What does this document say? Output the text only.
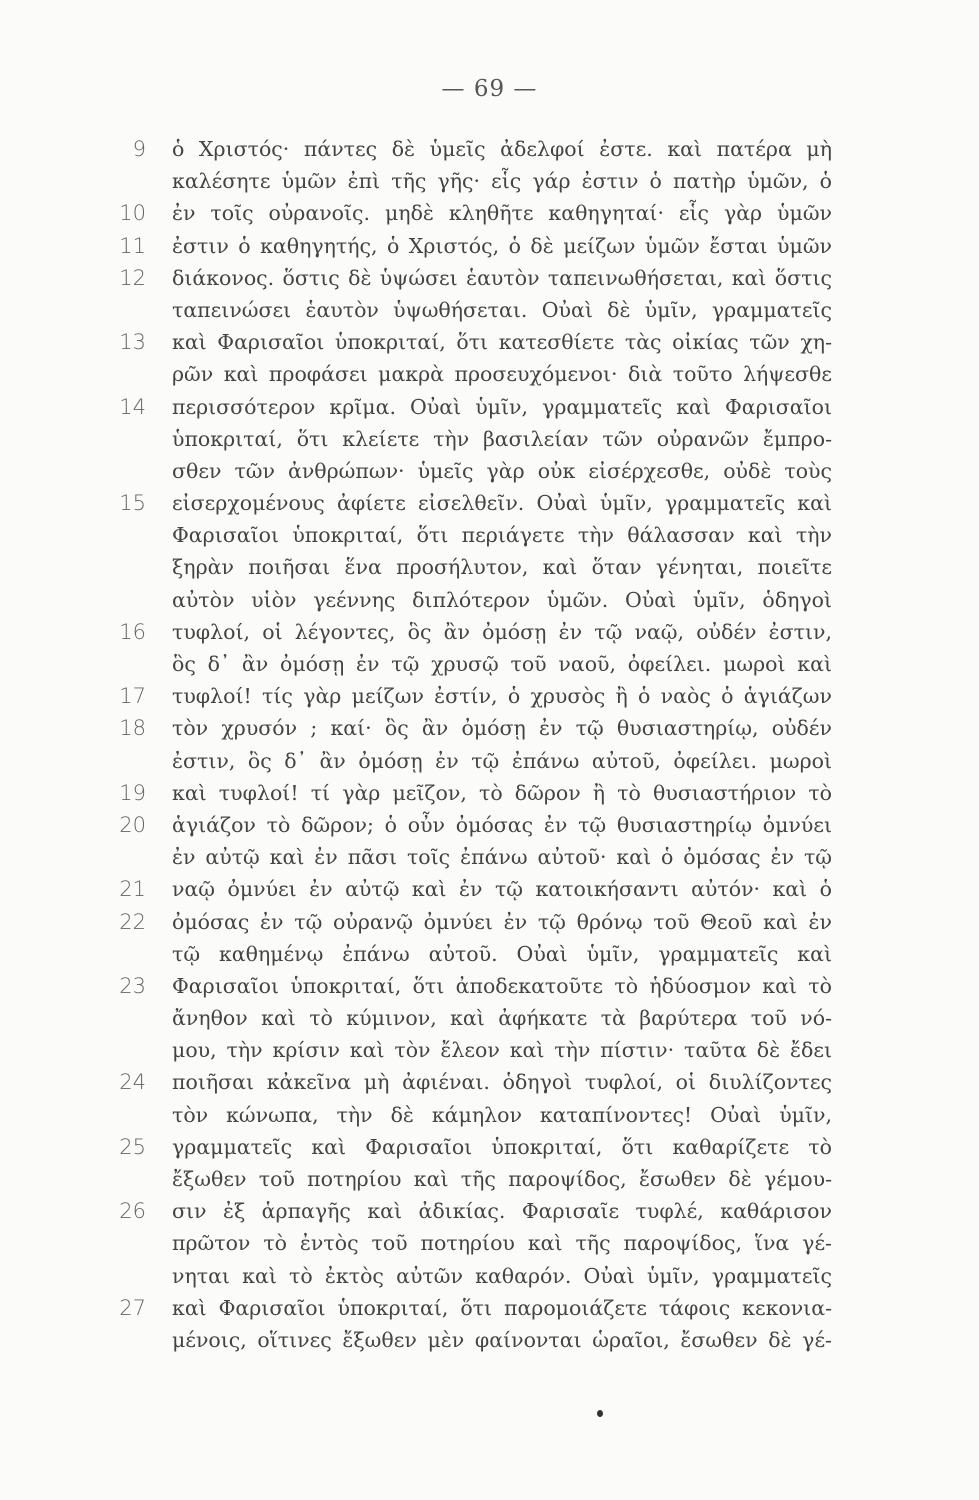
— 69 —
9 ὁ Χριστός· πάντες δὲ ὑμεῖς ἀδελφοί ἐστε. καὶ πατέρα μὴ
καλέσητε ὑμῶν ἐπὶ τῆς γῆς· εἷς γάρ ἐστιν ὁ πατὴρ ὑμῶν, ὁ
10 ἐν τοῖς οὐρανοῖς. μηδὲ κληθῆτε καθηγηταί· εἷς γὰρ ὑμῶν
11 ἐστιν ὁ καθηγητής, ὁ Χριστός, ὁ δὲ μείζων ὑμῶν ἔσται ὑμῶν
12 διάκονος. ὅστις δὲ ὑψώσει ἑαυτὸν ταπεινωθήσεται, καὶ ὅστις
ταπεινώσει ἑαυτὸν ὑψωθήσεται. Οὐαὶ δὲ ὑμῖν, γραμματεῖς
13 καὶ Φαρισαῖοι ὑποκριταί, ὅτι κατεσθίετε τὰς οἰκίας τῶν χη-
ρῶν καὶ προφάσει μακρὰ προσευχόμενοι· διὰ τοῦτο λήψεσθε
14 περισσότερον κρῖμα. Οὐαὶ ὑμῖν, γραμματεῖς καὶ Φαρισαῖοι
ὑποκριταί, ὅτι κλείετε τὴν βασιλείαν τῶν οὐρανῶν ἔμπρο-
σθεν τῶν ἀνθρώπων· ὑμεῖς γὰρ οὐκ εἰσέρχεσθε, οὐδὲ τοὺς
15 εἰσερχομένους ἀφίετε εἰσελθεῖν. Οὐαὶ ὑμῖν, γραμματεῖς καὶ
Φαρισαῖοι ὑποκριταί, ὅτι περιάγετε τὴν θάλασσαν καὶ τὴν
ξηρὰν ποιῆσαι ἕνα προσήλυτον, καὶ ὅταν γένηται, ποιεῖτε
αὐτὸν υἱὸν γεέννης διπλότερον ὑμῶν. Οὐαὶ ὑμῖν, ὁδηγοὶ
16 τυφλοί, οἱ λέγοντες, ὃς ἂν ὀμόσῃ ἐν τῷ ναῷ, οὐδέν ἐστιν,
ὃς δ᾽ ἂν ὀμόσῃ ἐν τῷ χρυσῷ τοῦ ναοῦ, ὀφείλει. μωροὶ καὶ
17 τυφλοί! τίς γὰρ μείζων ἐστίν, ὁ χρυσὸς ἢ ὁ ναὸς ὁ ἁγιάζων
18 τὸν χρυσόν ; καί· ὃς ἂν ὀμόσῃ ἐν τῷ θυσιαστηρίῳ, οὐδέν
ἐστιν, ὃς δ᾽ ἂν ὀμόσῃ ἐν τῷ ἐπάνω αὐτοῦ, ὀφείλει. μωροὶ
19 καὶ τυφλοί! τί γὰρ μεῖζον, τὸ δῶρον ἢ τὸ θυσιαστήριον τὸ
20 ἁγιάζον τὸ δῶρον; ὁ οὖν ὀμόσας ἐν τῷ θυσιαστηρίῳ ὀμνύει
ἐν αὐτῷ καὶ ἐν πᾶσι τοῖς ἐπάνω αὐτοῦ· καὶ ὁ ὀμόσας ἐν τῷ
21 ναῷ ὀμνύει ἐν αὐτῷ καὶ ἐν τῷ κατοικήσαντι αὐτόν· καὶ ὁ
22 ὀμόσας ἐν τῷ οὐρανῷ ὀμνύει ἐν τῷ θρόνῳ τοῦ Θεοῦ καὶ ἐν
τῷ καθημένῳ ἐπάνω αὐτοῦ. Οὐαὶ ὑμῖν, γραμματεῖς καὶ
23 Φαρισαῖοι ὑποκριταί, ὅτι ἀποδεκατοῦτε τὸ ἡδύοσμον καὶ τὸ
ἄνηθον καὶ τὸ κύμινον, καὶ ἀφήκατε τὰ βαρύτερα τοῦ νό-
μου, τὴν κρίσιν καὶ τὸν ἔλεον καὶ τὴν πίστιν· ταῦτα δὲ ἔδει
24 ποιῆσαι κἀκεῖνα μὴ ἀφιέναι. ὁδηγοὶ τυφλοί, οἱ διυλίζοντες
τὸν κώνωπα, τὴν δὲ κάμηλον καταπίνοντες! Οὐαὶ ὑμῖν,
25 γραμματεῖς καὶ Φαρισαῖοι ὑποκριταί, ὅτι καθαρίζετε τὸ
ἔξωθεν τοῦ ποτηρίου καὶ τῆς παροψίδος, ἔσωθεν δὲ γέμου-
26 σιν ἐξ ἁρπαγῆς καὶ ἀδικίας. Φαρισαῖε τυφλέ, καθάρισον
πρῶτον τὸ ἐντὸς τοῦ ποτηρίου καὶ τῆς παροψίδος, ἵνα γέ-
νηται καὶ τὸ ἐκτὸς αὐτῶν καθαρόν. Οὐαὶ ὑμῖν, γραμματεῖς
27 καὶ Φαρισαῖοι ὑποκριταί, ὅτι παρομοιάζετε τάφοις κεκονια-
μένοις, οἵτινες ἔξωθεν μὲν φαίνονται ὡραῖοι, ἔσωθεν δὲ γέ-
